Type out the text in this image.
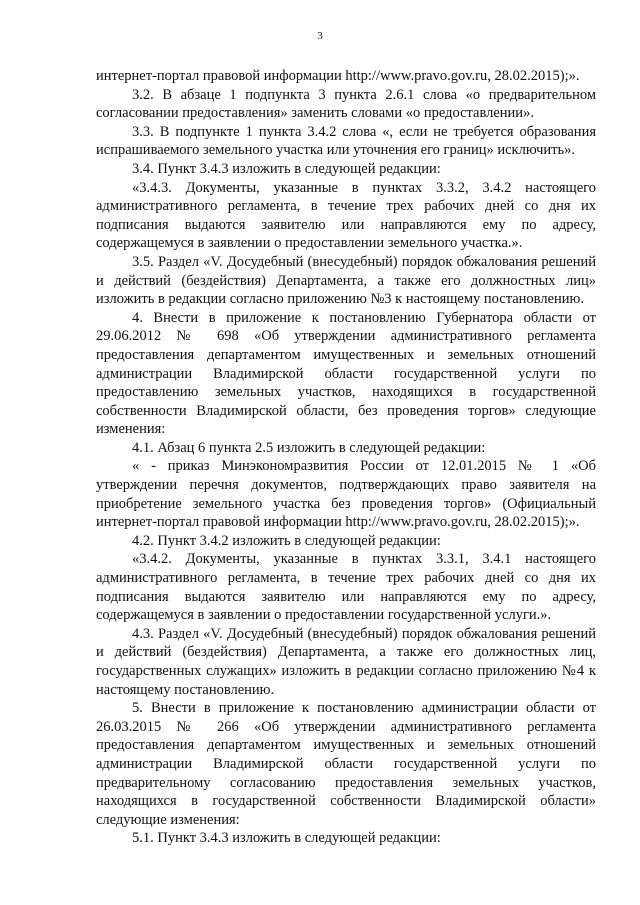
3

интернет-портал правовой информации http://www.pravo.gov.ru, 28.02.2015);».

3.2. В абзаце 1 подпункта 3 пункта 2.6.1 слова «о предварительном согласовании предоставления» заменить словами «о предоставлении».

3.3. В подпункте 1 пункта 3.4.2 слова «, если не требуется образования испрашиваемого земельного участка или уточнения его границ» исключить».

3.4. Пункт 3.4.3 изложить в следующей редакции:

«3.4.3. Документы, указанные в пунктах 3.3.2, 3.4.2 настоящего административного регламента, в течение трех рабочих дней со дня их подписания выдаются заявителю или направляются ему по адресу, содержащемуся в заявлении о предоставлении земельного участка.».

3.5. Раздел «V. Досудебный (внесудебный) порядок обжалования решений и действий (бездействия) Департамента, а также его должностных лиц» изложить в редакции согласно приложению №3 к настоящему постановлению.

4. Внести в приложение к постановлению Губернатора области от 29.06.2012 № 698 «Об утверждении административного регламента предоставления департаментом имущественных и земельных отношений администрации Владимирской области государственной услуги по предоставлению земельных участков, находящихся в государственной собственности Владимирской области, без проведения торгов» следующие изменения:

4.1. Абзац 6 пункта 2.5 изложить в следующей редакции:

« - приказ Минэкономразвития России от 12.01.2015 № 1 «Об утверждении перечня документов, подтверждающих право заявителя на приобретение земельного участка без проведения торгов» (Официальный интернет-портал правовой информации http://www.pravo.gov.ru, 28.02.2015);».

4.2. Пункт 3.4.2 изложить в следующей редакции:

«3.4.2. Документы, указанные в пунктах 3.3.1, 3.4.1 настоящего административного регламента, в течение трех рабочих дней со дня их подписания выдаются заявителю или направляются ему по адресу, содержащемуся в заявлении о предоставлении государственной услуги.».

4.3. Раздел «V. Досудебный (внесудебный) порядок обжалования решений и действий (бездействия) Департамента, а также его должностных лиц, государственных служащих» изложить в редакции согласно приложению №4 к настоящему постановлению.

5. Внести в приложение к постановлению администрации области от 26.03.2015 № 266 «Об утверждении административного регламента предоставления департаментом имущественных и земельных отношений администрации Владимирской области государственной услуги по предварительному согласованию предоставления земельных участков, находящихся в государственной собственности Владимирской области» следующие изменения:

5.1. Пункт 3.4.3 изложить в следующей редакции:
